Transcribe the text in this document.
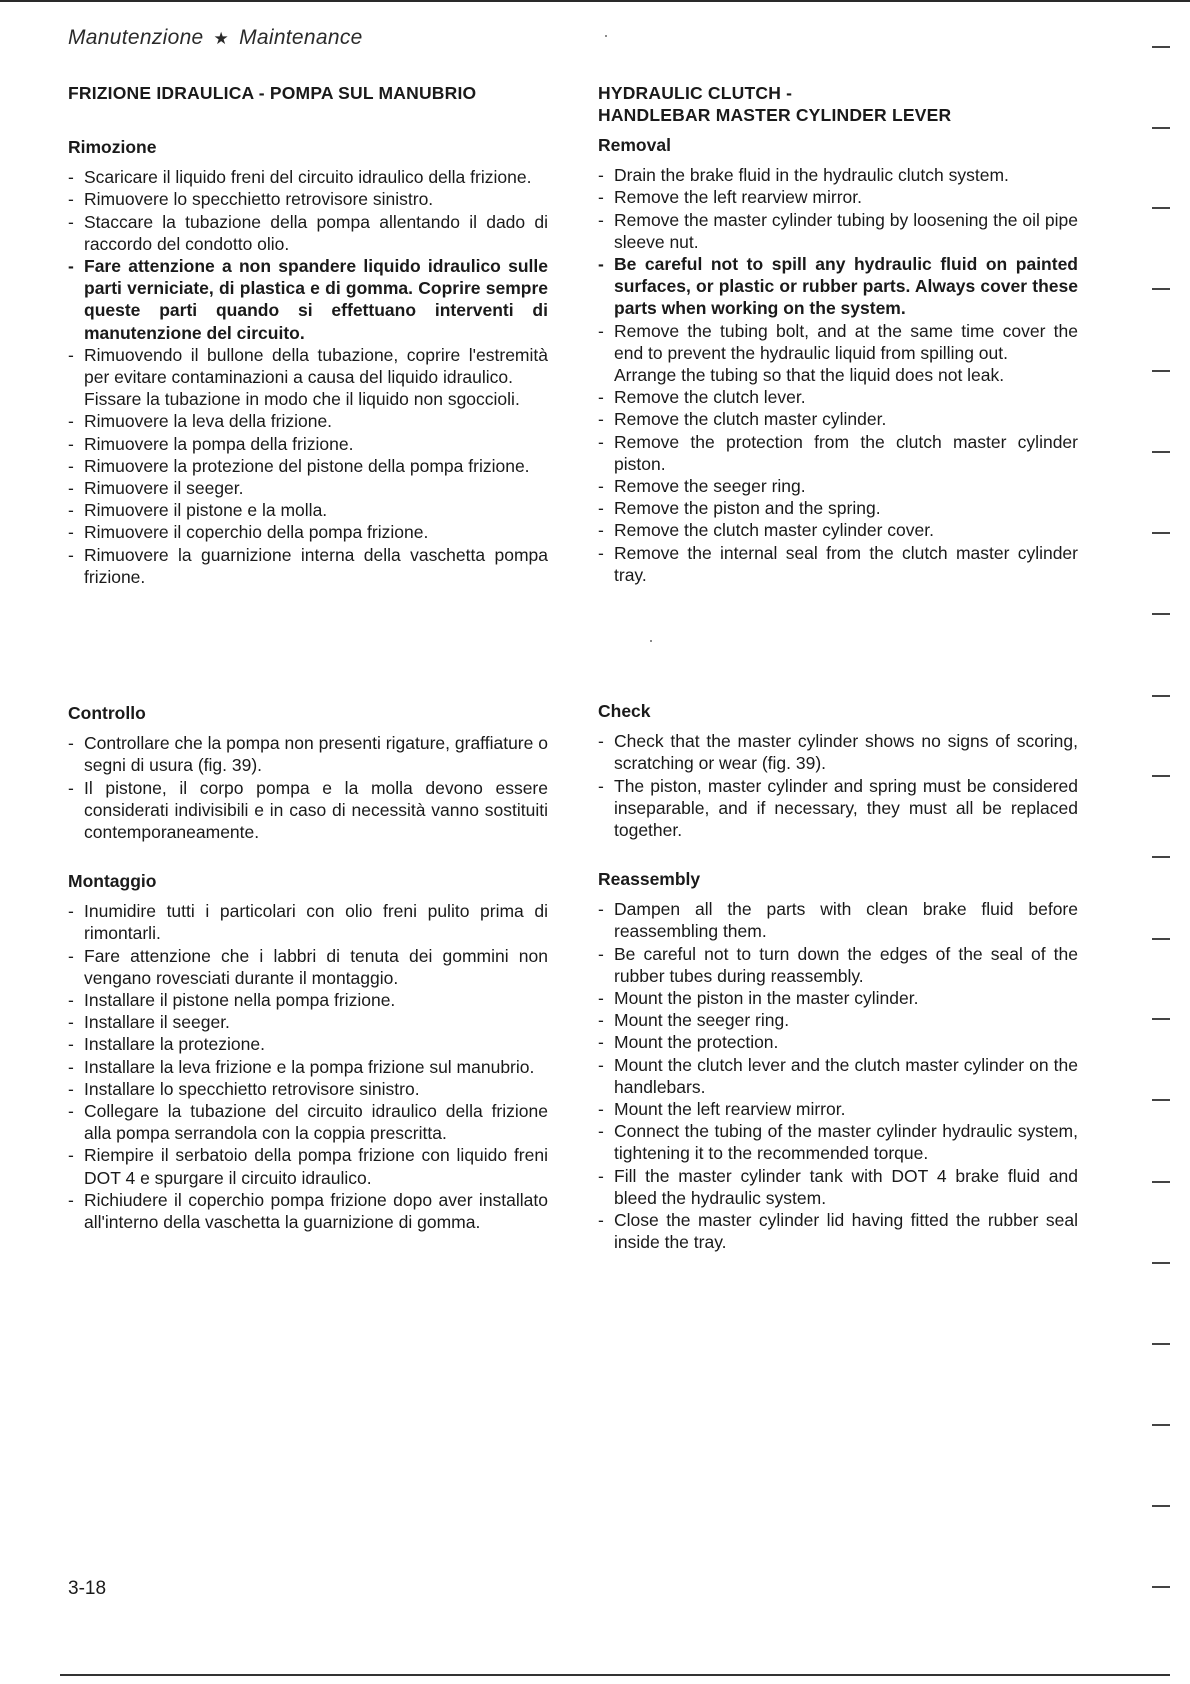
Manutenzione ★ Maintenance
FRIZIONE IDRAULICA - POMPA SUL MANUBRIO
Rimozione
- Scaricare il liquido freni del circuito idraulico della frizione.
- Rimuovere lo specchietto retrovisore sinistro.
- Staccare la tubazione della pompa allentando il dado di raccordo del condotto olio.
- Fare attenzione a non spandere liquido idraulico sulle parti verniciate, di plastica e di gomma. Coprire sempre queste parti quando si effettuano interventi di manutenzione del circuito.
- Rimuovendo il bullone della tubazione, coprire l'estremità per evitare contaminazioni a causa del liquido idraulico.
Fissare la tubazione in modo che il liquido non sgoccioli.
- Rimuovere la leva della frizione.
- Rimuovere la pompa della frizione.
- Rimuovere la protezione del pistone della pompa frizione.
- Rimuovere il seeger.
- Rimuovere il pistone e la molla.
- Rimuovere il coperchio della pompa frizione.
- Rimuovere la guarnizione interna della vaschetta pompa frizione.
Controllo
- Controllare che la pompa non presenti rigature, graffiature o segni di usura (fig. 39).
- Il pistone, il corpo pompa e la molla devono essere considerati indivisibili e in caso di necessità vanno sostituiti contemporaneamente.
Montaggio
- Inumidire tutti i particolari con olio freni pulito prima di rimontarli.
- Fare attenzione che i labbri di tenuta dei gommini non vengano rovesciati durante il montaggio.
- Installare il pistone nella pompa frizione.
- Installare il seeger.
- Installare la protezione.
- Installare la leva frizione e la pompa frizione sul manubrio.
- Installare lo specchietto retrovisore sinistro.
- Collegare la tubazione del circuito idraulico della frizione alla pompa serrandola con la coppia prescritta.
- Riempire il serbatoio della pompa frizione con liquido freni DOT 4 e spurgare il circuito idraulico.
- Richiudere il coperchio pompa frizione dopo aver installato all'interno della vaschetta la guarnizione di gomma.
HYDRAULIC CLUTCH -
HANDLEBAR MASTER CYLINDER LEVER
Removal
- Drain the brake fluid in the hydraulic clutch system.
- Remove the left rearview mirror.
- Remove the master cylinder tubing by loosening the oil pipe sleeve nut.
- Be careful not to spill any hydraulic fluid on painted surfaces, or plastic or rubber parts. Always cover these parts when working on the system.
- Remove the tubing bolt, and at the same time cover the end to prevent the hydraulic liquid from spilling out.
Arrange the tubing so that the liquid does not leak.
- Remove the clutch lever.
- Remove the clutch master cylinder.
- Remove the protection from the clutch master cylinder piston.
- Remove the seeger ring.
- Remove the piston and the spring.
- Remove the clutch master cylinder cover.
- Remove the internal seal from the clutch master cylinder tray.
Check
- Check that the master cylinder shows no signs of scoring, scratching or wear (fig. 39).
- The piston, master cylinder and spring must be considered inseparable, and if necessary, they must all be replaced together.
Reassembly
- Dampen all the parts with clean brake fluid before reassembling them.
- Be careful not to turn down the edges of the seal of the rubber tubes during reassembly.
- Mount the piston in the master cylinder.
- Mount the seeger ring.
- Mount the protection.
- Mount the clutch lever and the clutch master cylinder on the handlebars.
- Mount the left rearview mirror.
- Connect the tubing of the master cylinder hydraulic system, tightening it to the recommended torque.
- Fill the master cylinder tank with DOT 4 brake fluid and bleed the hydraulic system.
- Close the master cylinder lid having fitted the rubber seal inside the tray.
3-18
